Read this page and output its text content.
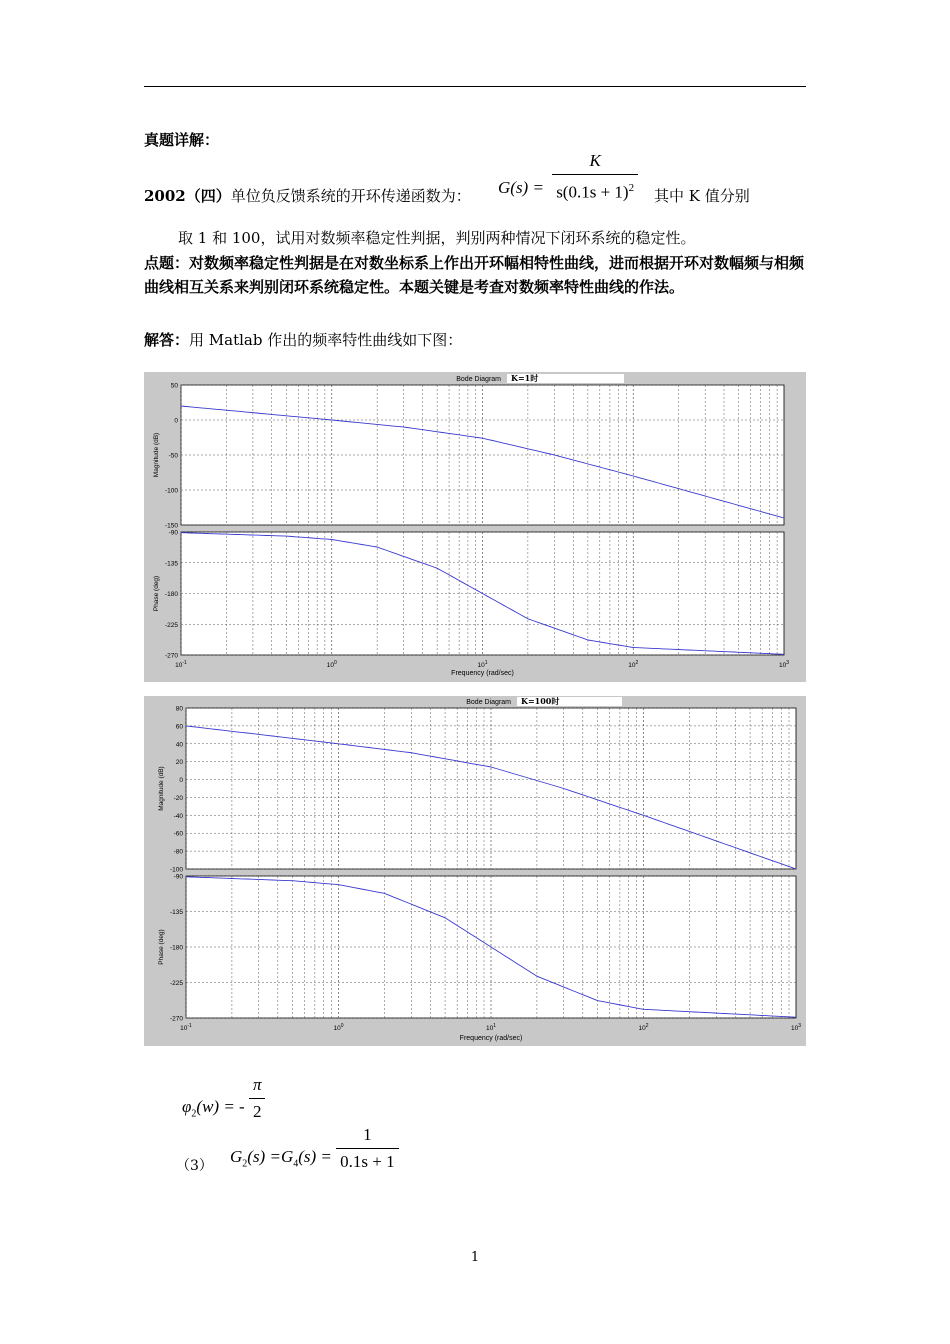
真题详解：
2002（四）单位负反馈系统的开环传递函数为： $G(s) = \frac{K}{s(0.1s + 1)^2}$ 其中 K 值分别
取 1 和 100，试用对数频率稳定性判据，判别两种情况下闭环系统的稳定性。
点题：对数频率稳定性判据是在对数坐标系上作出开环幅相特性曲线，进而根据开环对数幅频与相频曲线相互关系来判别闭环系统稳定性。本题关键是考查对数频率特性曲线的作法。
解答：用 Matlab 作出的频率特性曲线如下图：
Bode Diagram K=1时
50
0
-50
-100
-150
Magnitude (dB)
-90
-135
-180
-225
-270
Phase (deg)
$10^{-1}$	$10^0$	$10^1$	$10^2$	$10^3$
Frequency (rad/sec)
Bode Diagram K=100时
80
60
40
20
0
-20
-40
-60
-80
-100
Magnitude (dB)
-90
-135
-180
-225
-270
Phase (deg)
$10^{-1}$	$10^0$	$10^1$	$10^2$	$10^3$
Frequency (rad/sec)
$\varphi_2(w)$ = - $\frac{\pi}{2}$
（3） $G_2(s) =G_4(s) = \frac{1}{0.1s + 1}$
1
